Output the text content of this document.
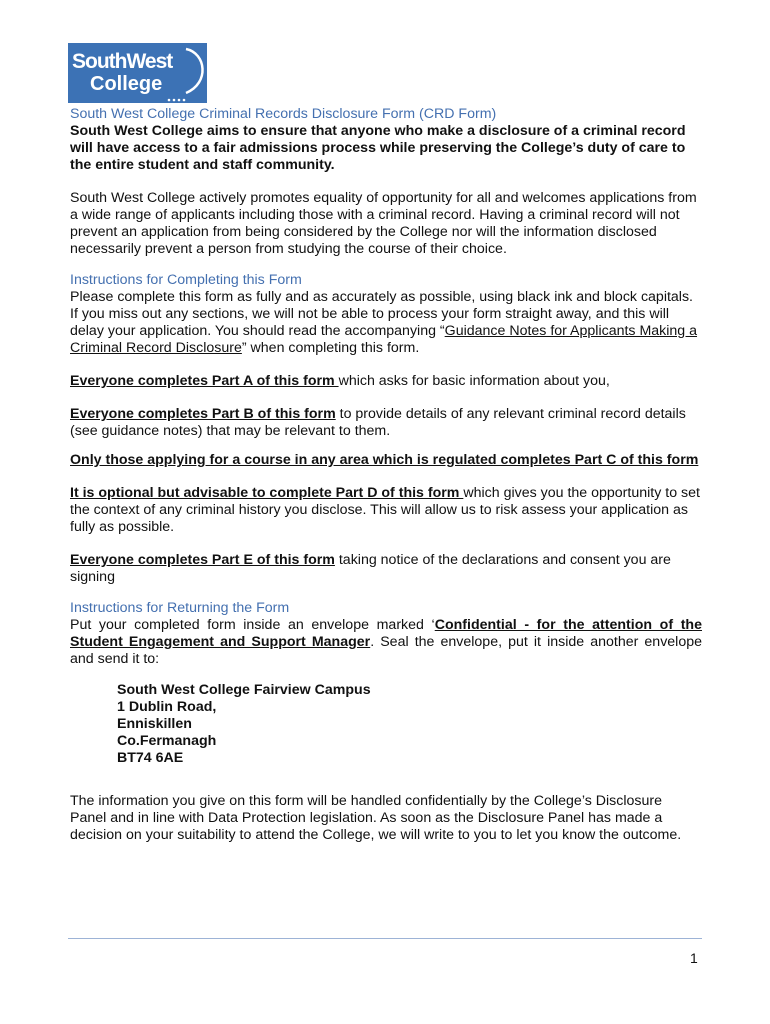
SouthWest
College

South West College Criminal Records Disclosure Form (CRD Form)

South West College aims to ensure that anyone who make a disclosure of a criminal record will have access to a fair admissions process while preserving the College’s duty of care to the entire student and staff community.

South West College actively promotes equality of opportunity for all and welcomes applications from a wide range of applicants including those with a criminal record. Having a criminal record will not prevent an application from being considered by the College nor will the information disclosed necessarily prevent a person from studying the course of their choice.

Instructions for Completing this Form

Please complete this form as fully and as accurately as possible, using black ink and block capitals. If you miss out any sections, we will not be able to process your form straight away, and this will delay your application. You should read the accompanying “Guidance Notes for Applicants Making a Criminal Record Disclosure” when completing this form.

Everyone completes Part A of this form which asks for basic information about you,

Everyone completes Part B of this form to provide details of any relevant criminal record details (see guidance notes) that may be relevant to them.

Only those applying for a course in any area which is regulated completes Part C of this form

It is optional but advisable to complete Part D of this form which gives you the opportunity to set the context of any criminal history you disclose. This will allow us to risk assess your application as fully as possible.

Everyone completes Part E of this form taking notice of the declarations and consent you are signing

Instructions for Returning the Form

Put your completed form inside an envelope marked ‘Confidential - for the attention of the Student Engagement and Support Manager. Seal the envelope, put it inside another envelope and send it to:

South West College Fairview Campus
1 Dublin Road,
Enniskillen
Co.Fermanagh
BT74 6AE

The information you give on this form will be handled confidentially by the College’s Disclosure Panel and in line with Data Protection legislation. As soon as the Disclosure Panel has made a decision on your suitability to attend the College, we will write to you to let you know the outcome.

1
